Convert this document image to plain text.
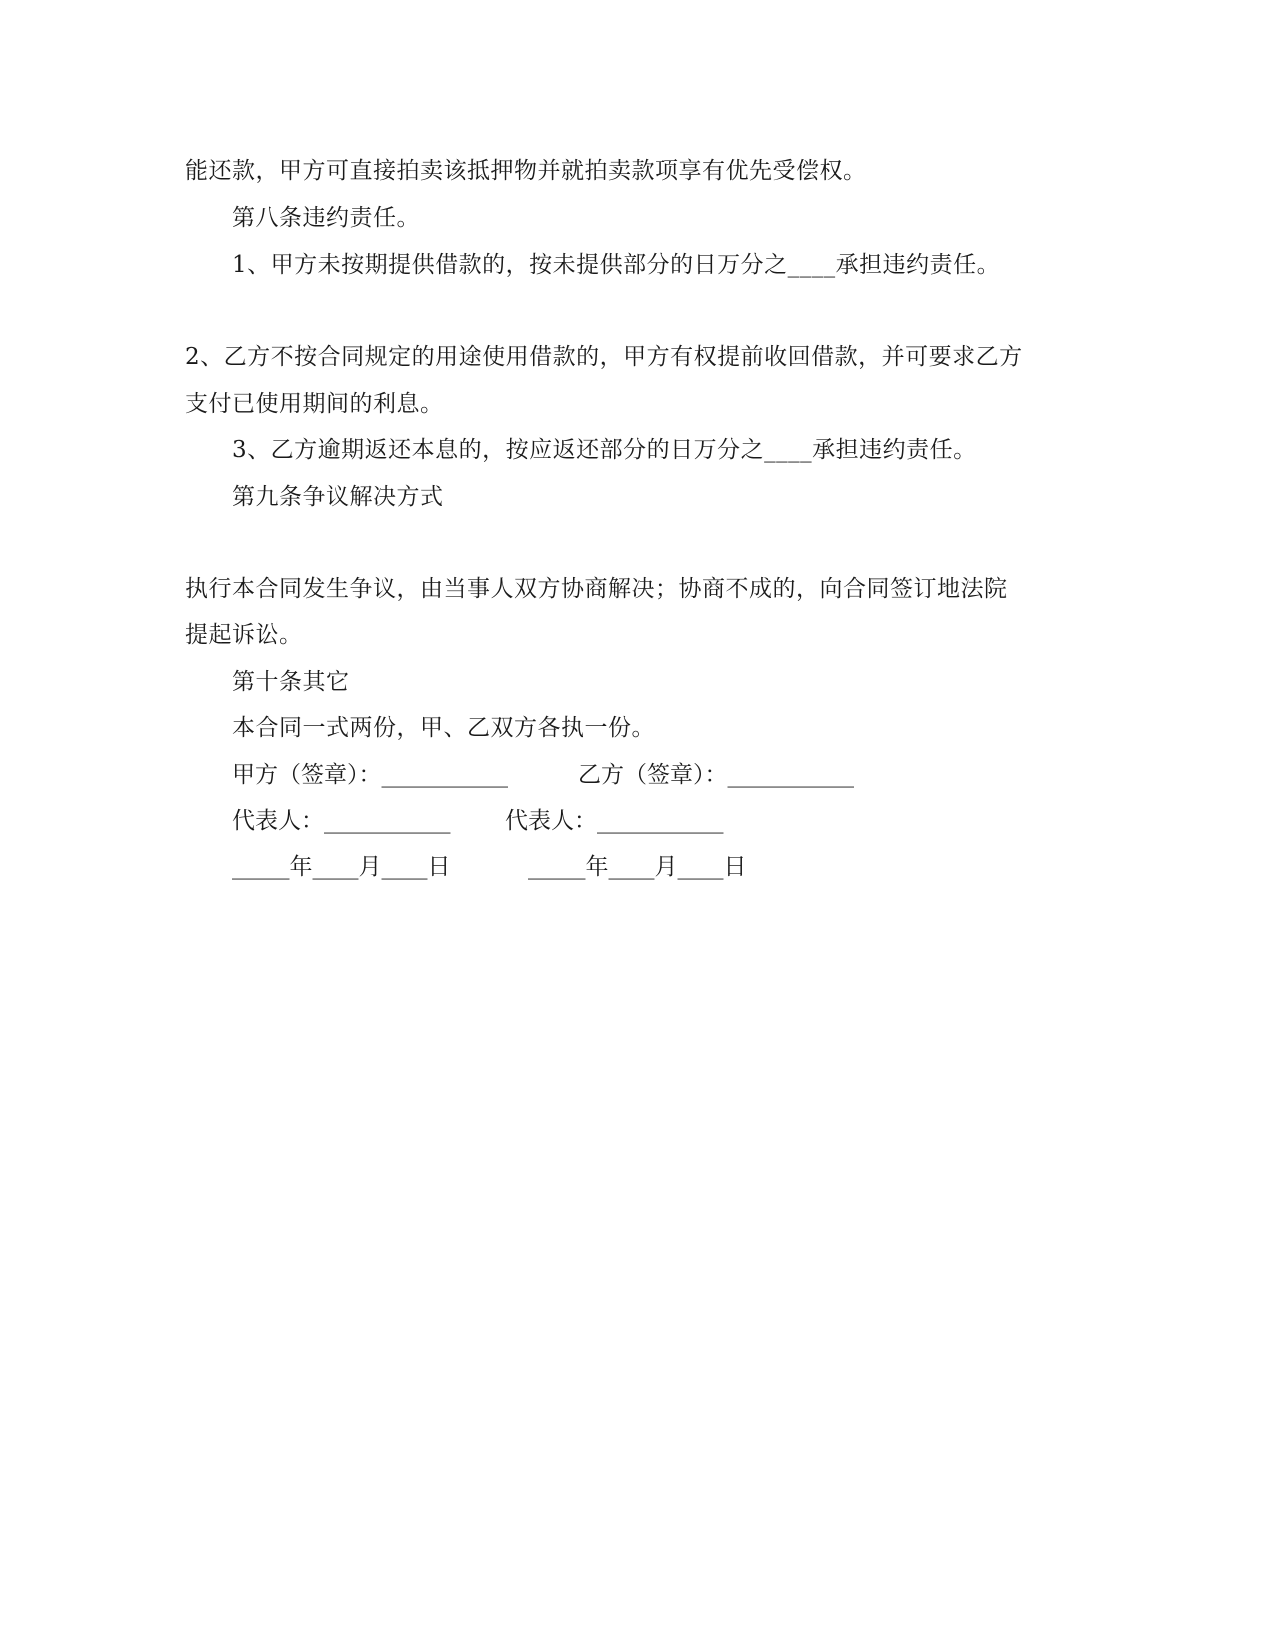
能还款，甲方可直接拍卖该抵押物并就拍卖款项享有优先受偿权。
第八条违约责任。
1、甲方未按期提供借款的，按未提供部分的日万分之____承担违约责任。
2、乙方不按合同规定的用途使用借款的，甲方有权提前收回借款，并可要求乙方
支付已使用期间的利息。
3、乙方逾期返还本息的，按应返还部分的日万分之____承担违约责任。
第九条争议解决方式
执行本合同发生争议，由当事人双方协商解决；协商不成的，向合同签订地法院
提起诉讼。
第十条其它
本合同一式两份，甲、乙双方各执一份。

甲方（签章）：___________

	乙方（签章）：___________

代表人：___________

代表人：___________

_____年____月____日

	_____年____月____日
